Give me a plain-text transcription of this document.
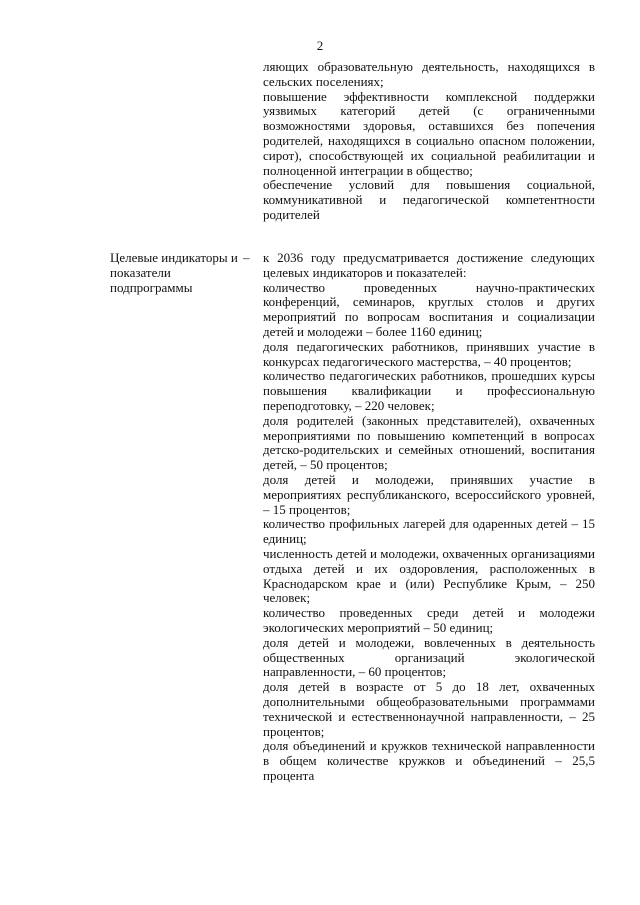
2

ляющих образовательную деятельность, находящихся в сельских поселениях;

повышение эффективности комплексной поддержки уязвимых категорий детей (с ограниченными возможностями здоровья, оставшихся без попечения родителей, находящихся в социально опасном положении, сирот), способствующей их социальной реабилитации и полноценной интеграции в общество;

обеспечение условий для повышения социальной, коммуникативной и педагогической компетентности родителей

Целевые индикаторы и показатели подпрограммы
– к 2036 году предусматривается достижение следующих целевых индикаторов и показателей:

количество проведенных научно-практических конференций, семинаров, круглых столов и других мероприятий по вопросам воспитания и социализации детей и молодежи – более 1160 единиц;

доля педагогических работников, принявших участие в конкурсах педагогического мастерства, – 40 процентов;

количество педагогических работников, прошедших курсы повышения квалификации и профессиональную переподготовку, – 220 человек;

доля родителей (законных представителей), охваченных мероприятиями по повышению компетенций в вопросах детско-родительских и семейных отношений, воспитания детей, – 50 процентов;

доля детей и молодежи, принявших участие в мероприятиях республиканского, всероссийского уровней, – 15 процентов;

количество профильных лагерей для одаренных детей – 15 единиц;

численность детей и молодежи, охваченных организациями отдыха детей и их оздоровления, расположенных в Краснодарском крае и (или) Республике Крым, – 250 человек;

количество проведенных среди детей и молодежи экологических мероприятий – 50 единиц;

доля детей и молодежи, вовлеченных в деятельность общественных организаций экологической направленности, – 60 процентов;

доля детей в возрасте от 5 до 18 лет, охваченных дополнительными общеобразовательными программами технической и естественнонаучной направленности, – 25 процентов;

доля объединений и кружков технической направленности в общем количестве кружков и объединений – 25,5 процента
